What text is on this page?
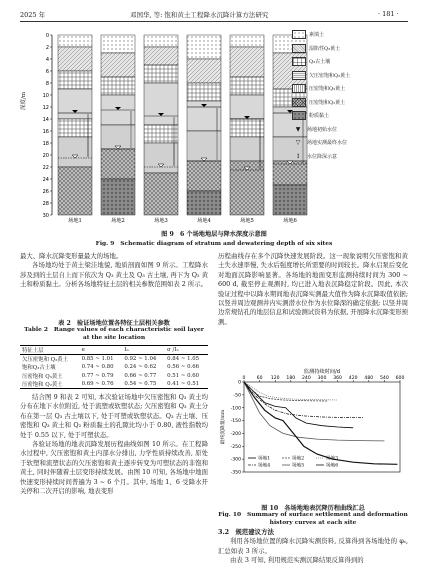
2025 年	邓国华, 等: 饱和黄土工程降水沉降计算方法研究	· 181 ·
0
2
4
6
8
10
12
14
16
18
20
22
24
26
28
30
场地1	场地2	场地3	场地4	场地5	场地6
深度/m
素填土
湿陷性Q₃黄土
Q₃古土壤
欠压密饱和Q₃黄土
压密饱和Q₃黄土
压密饱和Q₂黄土
粉质黏土
▼	场地初始水位
▽	场地实测最终水位
↕	水位降深示意
图 9　6 个场地地层与降水深度示意图
Fig. 9　Schematic diagram of stratum and dewatering depth of six sites
最大、降水沉降变形量最大的场地。
各场地均处于黄土梁洼地貌, 地质剖面如图 9 所示。工程降水涉及到的土层自上而下依次为 Q₃ 黄土及 Q₃ 古土壤, 再下为 Q₂ 黄土和粉质黏土。分析各场地特征土层的相关参数范围如表 2 所示。
表 2　验证场地位置各特征土层相关参数
Table 2　Range values of each characteristic soil layer at the site location
特征土层	e	Iₙ	σ /Iₙ
欠压密饱和 Q₃黄土	0.85 ~ 1.01	0.92 ~ 1.04	0.84 ~ 1.05
饱和Q₃古土壤	0.74 ~ 0.80	0.24 ~ 0.62	0.56 ~ 0.66
压密饱和 Q₃黄土	0.77 ~ 0.79	0.66 ~ 0.77	0.51 ~ 0.60
压密饱和 Q₂黄土	0.69 ~ 0.76	0.54 ~ 0.75	0.41 ~ 0.51
结合图 9 和表 2 可知, 本次验证场地中欠压密饱和 Q₃ 黄土均分布在地下水位附近, 处于流塑或软塑状态; 欠压密饱和 Q₃ 黄土分布在第一层 Q₃ 古土壤以下, 处于可塑或软塑状态。Q₃ 古土壤、压密饱和 Q₃ 黄土和 Q₂ 粉质黏土的孔隙比均小于 0.80, 液性指数均处于 0.55 以下, 处于可塑状态。
各验证场地的地表沉降发展历程曲线如图 10 所示。在工程降水过程中, 欠压密饱和黄土内部水分排出, 力学性质持续改善, 原处于软塑和流塑状态的欠压密饱和黄土逐步转变为可塑状态的非饱和黄土, 同时伴随着土层变形持续发展。由图 10 可知, 各场地中地面快速变形持续时间普遍为 3 ~ 6 个月。其中, 场地 1、6 受降水开关停和二次开启的影响, 地表变形
历程曲线存在多个沉降快速发展阶段。这一现象说明欠压密饱和黄土失水速率慢, 失水后强度增长所需要的时间较长。降水启泵后变化对地面沉降影响显著。各场地的地面变形监测持续时间为 300 ~ 600 d, 截至停止观测时, 均已进入地表沉降稳定阶段。因此, 本次验证过程中以降水期间地表沉降实测最大值作为降水沉降取值依据; 以竖井周边观测井内实测潜水位作为水位降深的确定依据; 以竖井周边常规钻孔的地层信息和试验测试资料为依据, 开展降水沉降变形预测。
监测持续时间/d
0 60 120 180 240 300 360 420 480 540 600
0
-50
-100
-150
-200
-250
-300
-350
最终沉降量/mm
场地1	场地2	场地3
场地4	场地5	场地6
图 10　各场地地表沉降历程曲线汇总
Fig. 10　Summary of surface settlement and deformation history curves at each site
3.2　规范建议方法
利用各场地位置的降水沉降实测资料, 反算得到各场地处的 φₛ, 汇总如表 3 所示。
由表 3 可知, 利用规范实测沉降结果反算得到的
